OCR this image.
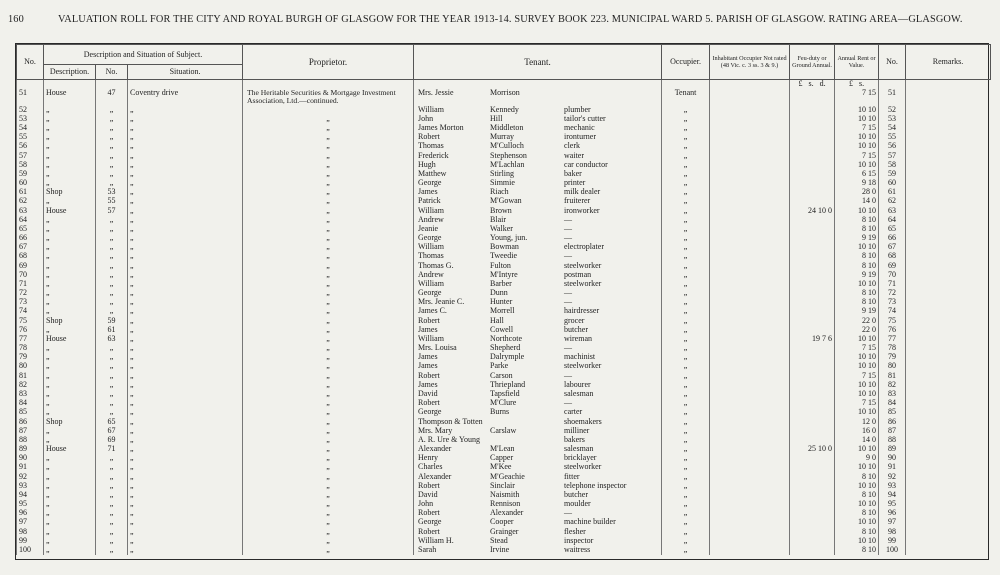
160	VALUATION ROLL FOR THE CITY AND ROYAL BURGH OF GLASGOW FOR THE YEAR 1913-14. SURVEY BOOK 223. MUNICIPAL WARD 5. PARISH OF GLASGOW. RATING AREA—GLASGOW.
No.	Description and Situation of Subject.			Proprietor.	Tenant.	Occupier.	Inhabitant Occupier Not rated (48 Vic. c. 3 ss. 3 & 9.)	Feu-duty or Ground Annual.	Annual Rent or Value.	No.	Remarks.
	Description.	No.	Situation.								
								£ s. d.	£ s.		
51	House	47	Coventry drive	The Heritable Securities & Mortgage Investment Association, Ltd.—continued.	Mrs. Jessie Morrison	Tenant			7 15	51	
52	„	„	„		William Kennedy plumber	„			10 10	52	
53	„	„	„	„	John Hill tailor's cutter	„			10 10	53	
54	„	„	„	„	James Morton Middleton mechanic	„			7 15	54	
55	„	„	„	„	Robert Murray ironturner	„			10 10	55	
56	„	„	„	„	Thomas M'Culloch clerk	„			10 10	56	
57	„	„	„	„	Frederick Stephenson waiter	„			7 15	57	
58	„	„	„	„	Hugh M'Lachlan car conductor	„			10 10	58	
59	„	„	„	„	Matthew Stirling baker	„			6 15	59	
60	„	„	„	„	George Simmie printer	„			9 18	60	
61	Shop	53	„	„	James Riach milk dealer	„			28 0	61	
62	„	55	„	„	Patrick M'Gowan fruiterer	„			14 0	62	
63	House	57	„	„	William Brown ironworker	„		24 10 0	10 10	63	
64	„	„	„	„	Andrew Blair —	„			8 10	64	
65	„	„	„	„	Jeanie Walker —	„			8 10	65	
66	„	„	„	„	George Young, jun. —	„			9 19	66	
67	„	„	„	„	William Bowman electroplater	„			10 10	67	
68	„	„	„	„	Thomas Tweedie —	„			8 10	68	
69	„	„	„	„	Thomas G. Fulton steelworker	„			8 10	69	
70	„	„	„	„	Andrew M'Intyre postman	„			9 19	70	
71	„	„	„	„	William Barber steelworker	„			10 10	71	
72	„	„	„	„	George Dunn —	„			8 10	72	
73	„	„	„	„	Mrs. Jeanie C. Hunter —	„			8 10	73	
74	„	„	„	„	James C. Morrell hairdresser	„			9 19	74	
75	Shop	59	„	„	Robert Hall grocer	„			22 0	75	
76	„	61	„	„	James Cowell butcher	„			22 0	76	
77	House	63	„	„	William Northcote wireman	„		19 7 6	10 10	77	
78	„	„	„	„	Mrs. Louisa Shepherd —	„			7 15	78	
79	„	„	„	„	James Dalrymple machinist	„			10 10	79	
80	„	„	„	„	James Parke steelworker	„			10 10	80	
81	„	„	„	„	Robert Carson —	„			7 15	81	
82	„	„	„	„	James Thriepland labourer	„			10 10	82	
83	„	„	„	„	David Tapsfield salesman	„			10 10	83	
84	„	„	„	„	Robert M'Clure —	„			7 15	84	
85	„	„	„	„	George Burns carter	„			10 10	85	
86	Shop	65	„	„	Thompson & Totten shoemakers	„			12 0	86	
87	„	67	„	„	Mrs. Mary Carslaw milliner	„			16 0	87	
88	„	69	„	„	A. R. Ure & Young bakers	„			14 0	88	
89	House	71	„	„	Alexander M'Lean salesman	„		25 10 0	10 10	89	
90	„	„	„	„	Henry Capper bricklayer	„			9 0	90	
91	„	„	„	„	Charles M'Kee steelworker	„			10 10	91	
92	„	„	„	„	Alexander M'Geachie fitter	„			8 10	92	
93	„	„	„	„	Robert Sinclair telephone inspector	„			10 10	93	
94	„	„	„	„	David Naismith butcher	„			8 10	94	
95	„	„	„	„	John Rennison moulder	„			10 10	95	
96	„	„	„	„	Robert Alexander —	„			8 10	96	
97	„	„	„	„	George Cooper machine builder	„			10 10	97	
98	„	„	„	„	Robert Grainger flesher	„			8 10	98	
99	„	„	„	„	William H. Stead inspector	„			10 10	99	
100	„	„	„	„	Sarah Irvine waitress	„			8 10	100	
